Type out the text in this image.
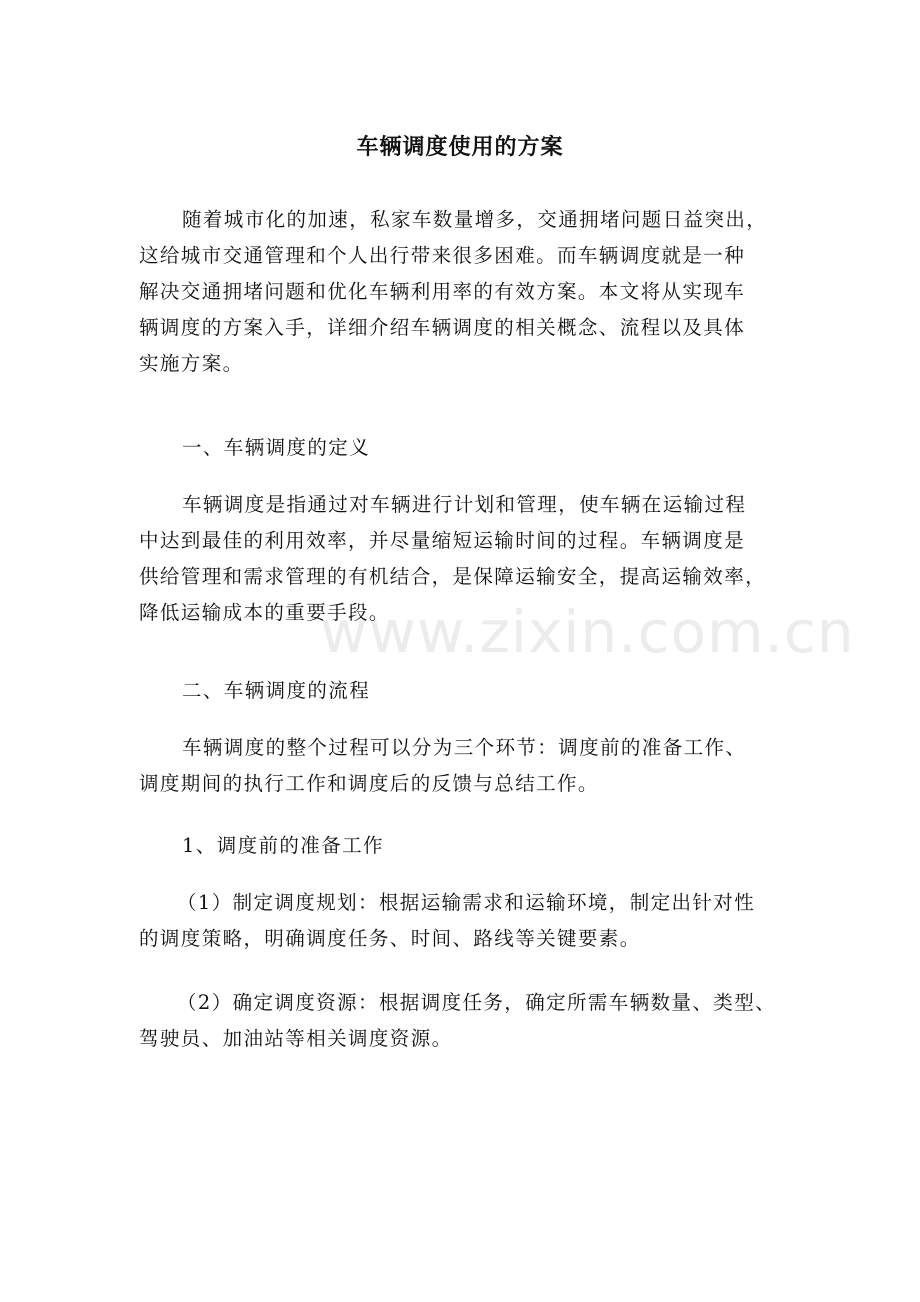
www.zixin.com.cn
车辆调度使用的方案

随着城市化的加速，私家车数量增多，交通拥堵问题日益突出，
这给城市交通管理和个人出行带来很多困难。而车辆调度就是一种
解决交通拥堵问题和优化车辆利用率的有效方案。本文将从实现车
辆调度的方案入手，详细介绍车辆调度的相关概念、流程以及具体
实施方案。

一、车辆调度的定义

车辆调度是指通过对车辆进行计划和管理，使车辆在运输过程
中达到最佳的利用效率，并尽量缩短运输时间的过程。车辆调度是
供给管理和需求管理的有机结合，是保障运输安全，提高运输效率，
降低运输成本的重要手段。

二、车辆调度的流程

车辆调度的整个过程可以分为三个环节：调度前的准备工作、
调度期间的执行工作和调度后的反馈与总结工作。

1、调度前的准备工作

（1）制定调度规划：根据运输需求和运输环境，制定出针对性
的调度策略，明确调度任务、时间、路线等关键要素。

（2）确定调度资源：根据调度任务，确定所需车辆数量、类型、
驾驶员、加油站等相关调度资源。
